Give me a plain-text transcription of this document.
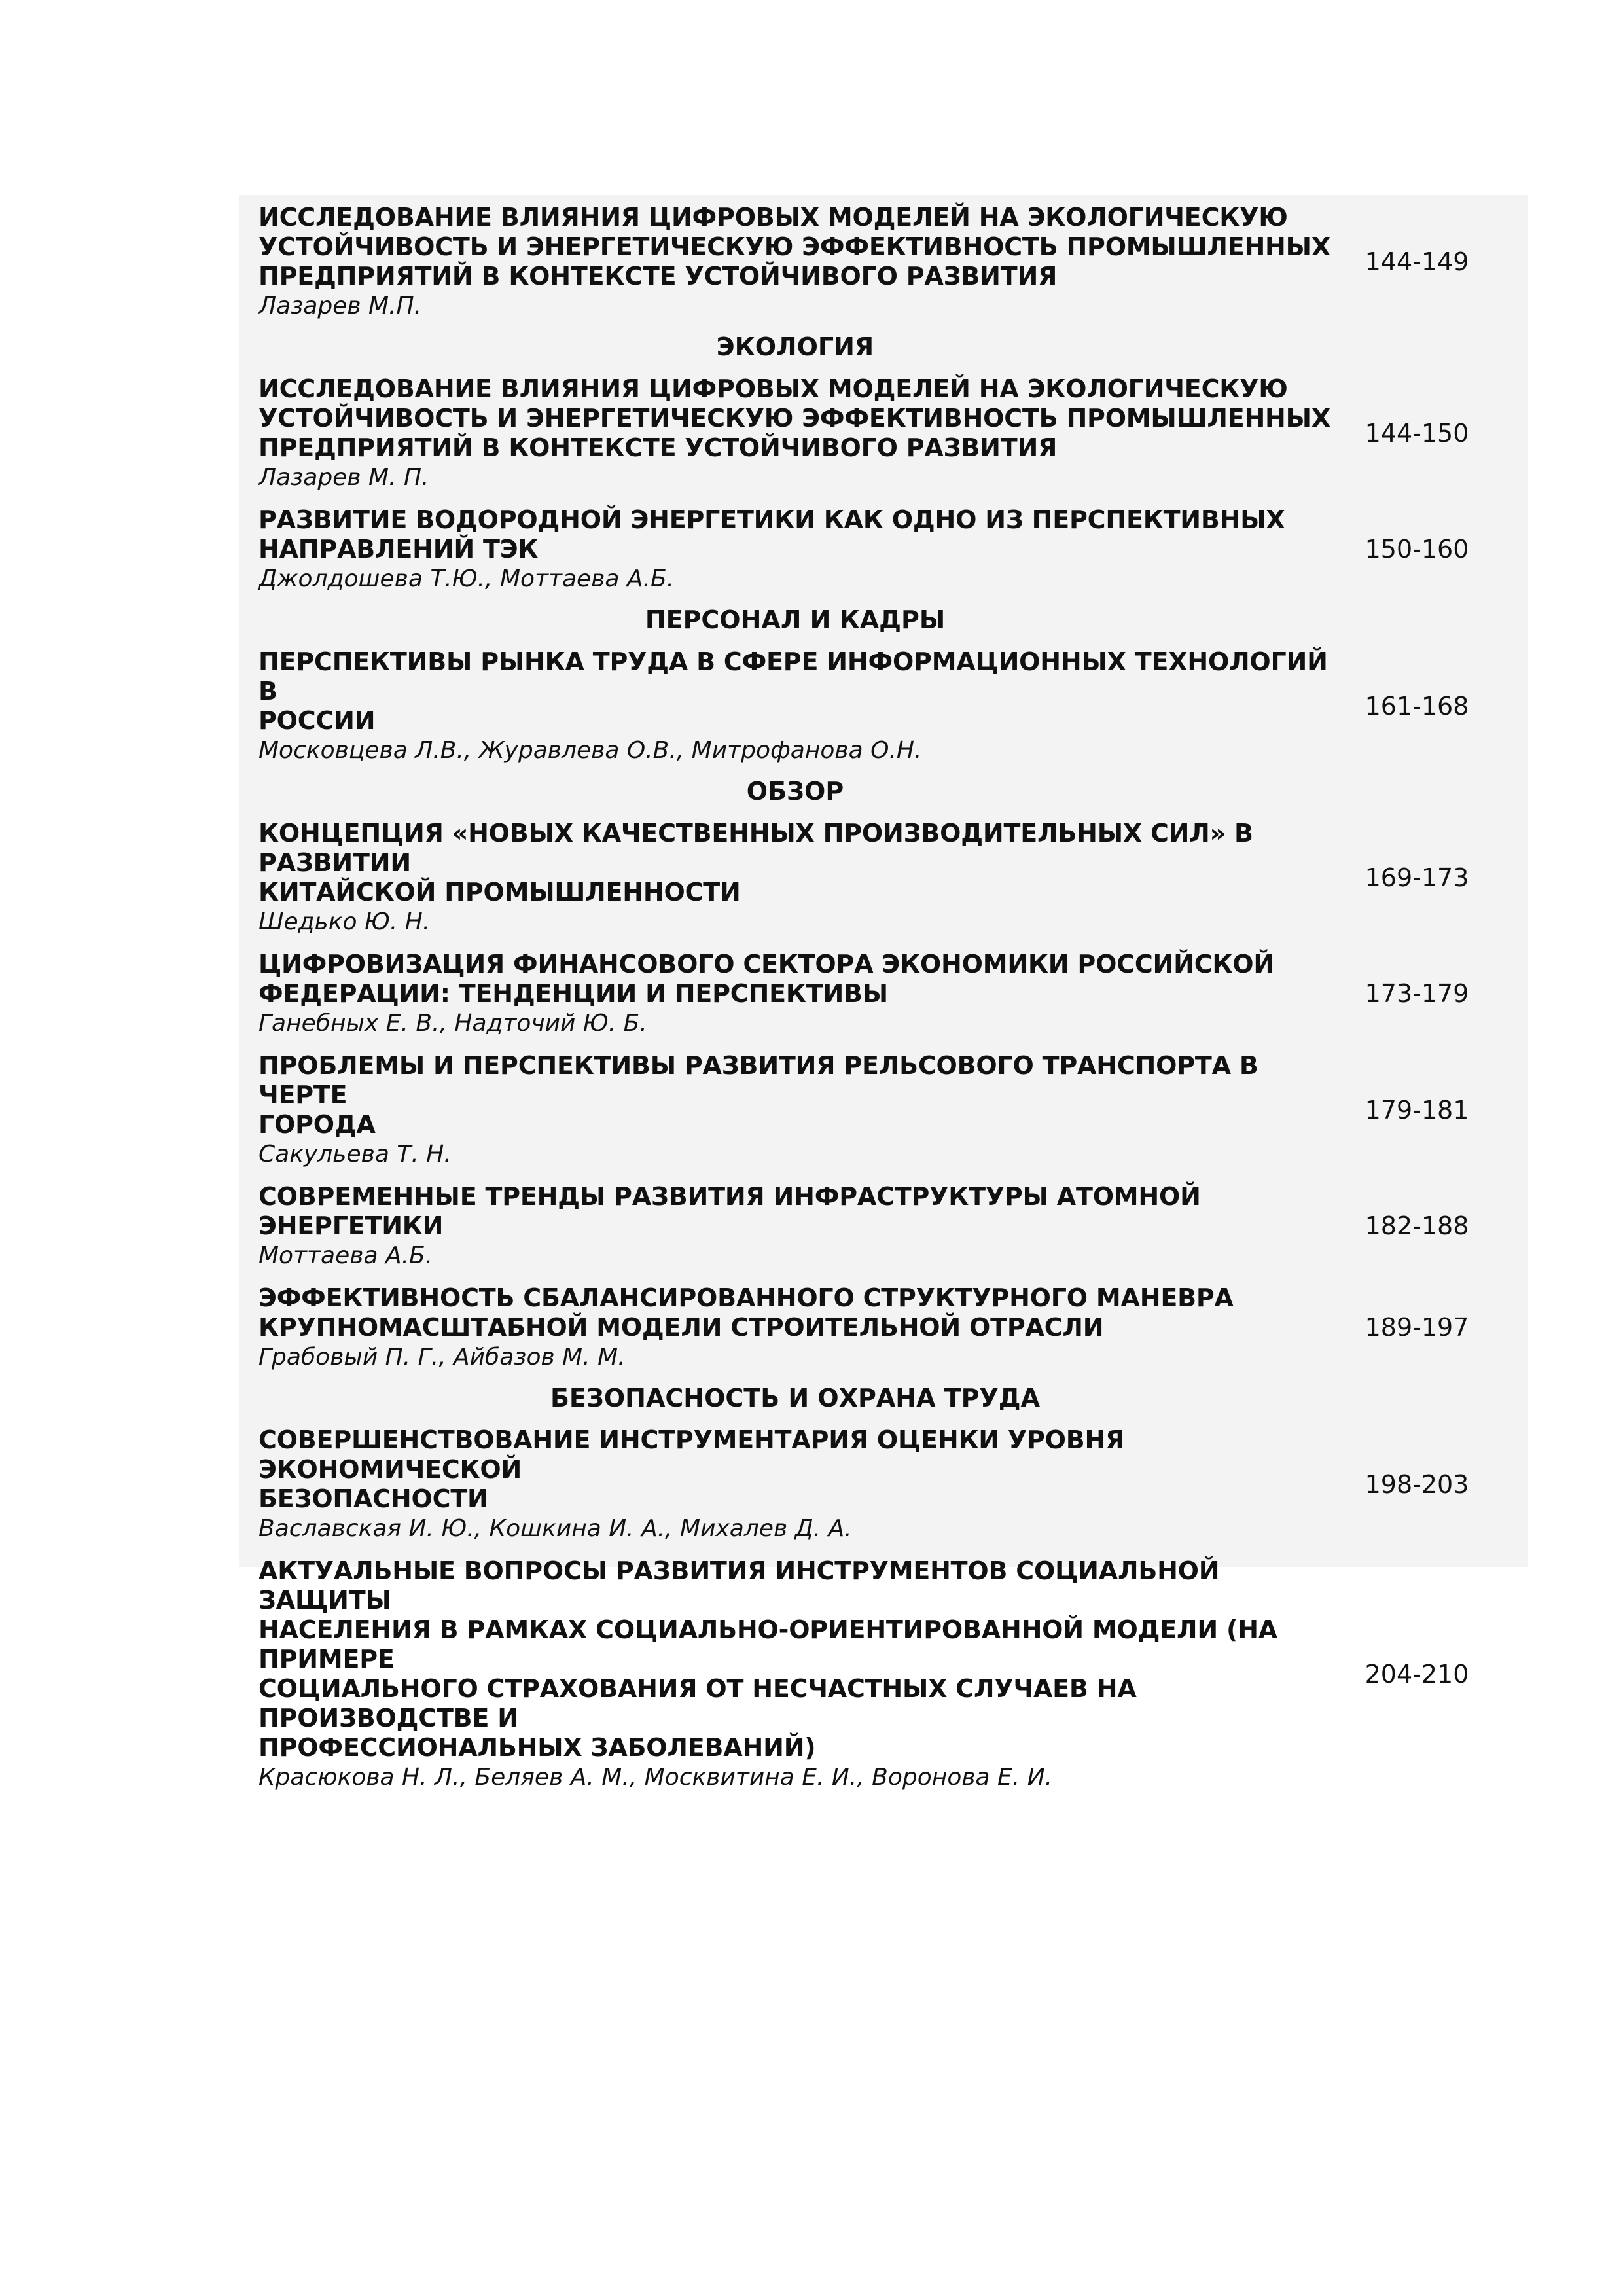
ИССЛЕДОВАНИЕ ВЛИЯНИЯ ЦИФРОВЫХ МОДЕЛЕЙ НА ЭКОЛОГИЧЕСКУЮ
УСТОЙЧИВОСТЬ И ЭНЕРГЕТИЧЕСКУЮ ЭФФЕКТИВНОСТЬ ПРОМЫШЛЕННЫХ
ПРЕДПРИЯТИЙ В КОНТЕКСТЕ УСТОЙЧИВОГО РАЗВИТИЯ
Лазарев М.П.
144-149
ЭКОЛОГИЯ
ИССЛЕДОВАНИЕ ВЛИЯНИЯ ЦИФРОВЫХ МОДЕЛЕЙ НА ЭКОЛОГИЧЕСКУЮ
УСТОЙЧИВОСТЬ И ЭНЕРГЕТИЧЕСКУЮ ЭФФЕКТИВНОСТЬ ПРОМЫШЛЕННЫХ
ПРЕДПРИЯТИЙ В КОНТЕКСТЕ УСТОЙЧИВОГО РАЗВИТИЯ
Лазарев М. П.
144-150
РАЗВИТИЕ ВОДОРОДНОЙ ЭНЕРГЕТИКИ КАК ОДНО ИЗ ПЕРСПЕКТИВНЫХ
НАПРАВЛЕНИЙ ТЭК
Джолдошева Т.Ю., Моттаева А.Б.
150-160
ПЕРСОНАЛ И КАДРЫ
ПЕРСПЕКТИВЫ РЫНКА ТРУДА В СФЕРЕ ИНФОРМАЦИОННЫХ ТЕХНОЛОГИЙ В
РОССИИ
Московцева Л.В., Журавлева О.В., Митрофанова О.Н.
161-168
ОБЗОР
КОНЦЕПЦИЯ «НОВЫХ КАЧЕСТВЕННЫХ ПРОИЗВОДИТЕЛЬНЫХ СИЛ» В РАЗВИТИИ
КИТАЙСКОЙ ПРОМЫШЛЕННОСТИ
Шедько Ю. Н.
169-173
ЦИФРОВИЗАЦИЯ ФИНАНСОВОГО СЕКТОРА ЭКОНОМИКИ РОССИЙСКОЙ
ФЕДЕРАЦИИ: ТЕНДЕНЦИИ И ПЕРСПЕКТИВЫ
Ганебных Е. В., Надточий Ю. Б.
173-179
ПРОБЛЕМЫ И ПЕРСПЕКТИВЫ РАЗВИТИЯ РЕЛЬСОВОГО ТРАНСПОРТА В ЧЕРТЕ
ГОРОДА
Сакульева Т. Н.
179-181
СОВРЕМЕННЫЕ ТРЕНДЫ РАЗВИТИЯ ИНФРАСТРУКТУРЫ АТОМНОЙ ЭНЕРГЕТИКИ
Моттаева А.Б.
182-188
ЭФФЕКТИВНОСТЬ СБАЛАНСИРОВАННОГО СТРУКТУРНОГО МАНЕВРА
КРУПНОМАСШТАБНОЙ МОДЕЛИ СТРОИТЕЛЬНОЙ ОТРАСЛИ
Грабовый П. Г., Айбазов М. М.
189-197
БЕЗОПАСНОСТЬ И ОХРАНА ТРУДА
СОВЕРШЕНСТВОВАНИЕ ИНСТРУМЕНТАРИЯ ОЦЕНКИ УРОВНЯ ЭКОНОМИЧЕСКОЙ
БЕЗОПАСНОСТИ
Ваславская И. Ю., Кошкина И. А., Михалев Д. А.
198-203
АКТУАЛЬНЫЕ ВОПРОСЫ РАЗВИТИЯ ИНСТРУМЕНТОВ СОЦИАЛЬНОЙ ЗАЩИТЫ
НАСЕЛЕНИЯ В РАМКАХ СОЦИАЛЬНО-ОРИЕНТИРОВАННОЙ МОДЕЛИ (НА ПРИМЕРЕ
СОЦИАЛЬНОГО СТРАХОВАНИЯ ОТ НЕСЧАСТНЫХ СЛУЧАЕВ НА ПРОИЗВОДСТВЕ И
ПРОФЕССИОНАЛЬНЫХ ЗАБОЛЕВАНИЙ)
Красюкова Н. Л., Беляев А. М., Москвитина Е. И., Воронова Е. И.
204-210
